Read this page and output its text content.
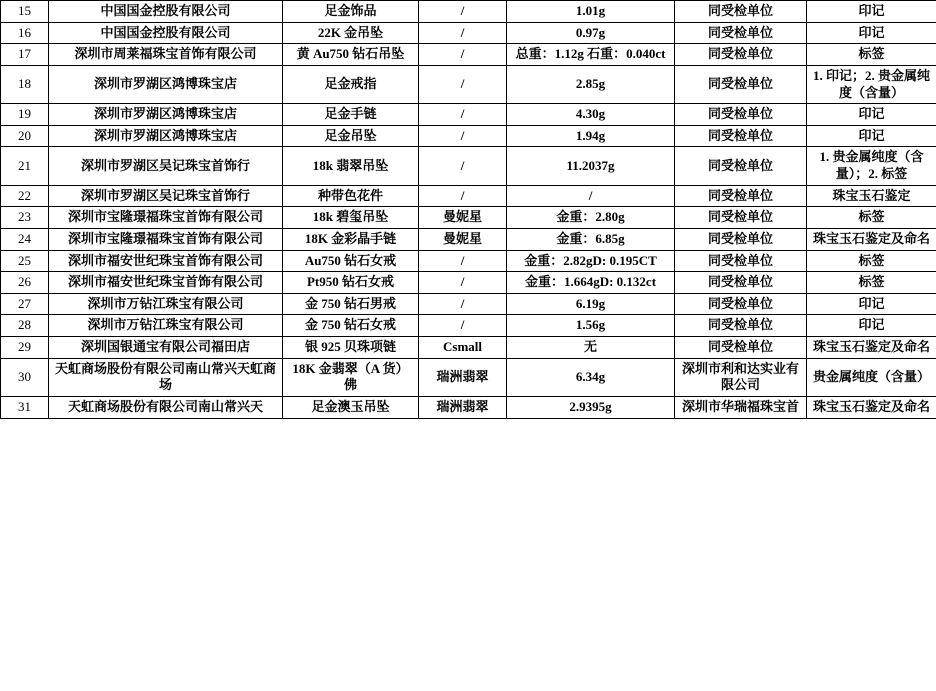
15	中国国金控股有限公司	足金饰品	/	1.01g	同受检单位	印记
16	中国国金控股有限公司	22K 金吊坠	/	0.97g	同受检单位	印记
17	深圳市周莱福珠宝首饰有限公司	黄 Au750 钻石吊坠	/	总重：1.12g 石重：0.040ct	同受检单位	标签
18	深圳市罗湖区鸿博珠宝店	足金戒指	/	2.85g	同受检单位	1. 印记；2. 贵金属纯度（含量）
19	深圳市罗湖区鸿博珠宝店	足金手链	/	4.30g	同受检单位	印记
20	深圳市罗湖区鸿博珠宝店	足金吊坠	/	1.94g	同受检单位	印记
21	深圳市罗湖区吴记珠宝首饰行	18k 翡翠吊坠	/	11.2037g	同受检单位	1. 贵金属纯度（含量）；2. 标签
22	深圳市罗湖区吴记珠宝首饰行	种带色花件	/	/	同受检单位	珠宝玉石鉴定
23	深圳市宝隆璟福珠宝首饰有限公司	18k 碧玺吊坠	曼妮星	金重：2.80g	同受检单位	标签
24	深圳市宝隆璟福珠宝首饰有限公司	18K 金彩晶手链	曼妮星	金重：6.85g	同受检单位	珠宝玉石鉴定及命名
25	深圳市福安世纪珠宝首饰有限公司	Au750 钻石女戒	/	金重：2.82gD: 0.195CT	同受检单位	标签
26	深圳市福安世纪珠宝首饰有限公司	Pt950 钻石女戒	/	金重：1.664gD: 0.132ct	同受检单位	标签
27	深圳市万钻江珠宝有限公司	金 750 钻石男戒	/	6.19g	同受检单位	印记
28	深圳市万钻江珠宝有限公司	金 750 钻石女戒	/	1.56g	同受检单位	印记
29	深圳国银通宝有限公司福田店	银 925 贝珠项链	Csmall	无	同受检单位	珠宝玉石鉴定及命名
30	天虹商场股份有限公司南山常兴天虹商场	18K 金翡翠（A 货）佛	瑞洲翡翠	6.34g	深圳市利和达实业有限公司	贵金属纯度（含量）
31	天虹商场股份有限公司南山常兴天	足金澳玉吊坠	瑞洲翡翠	2.9395g	深圳市华瑞福珠宝首	珠宝玉石鉴定及命名
